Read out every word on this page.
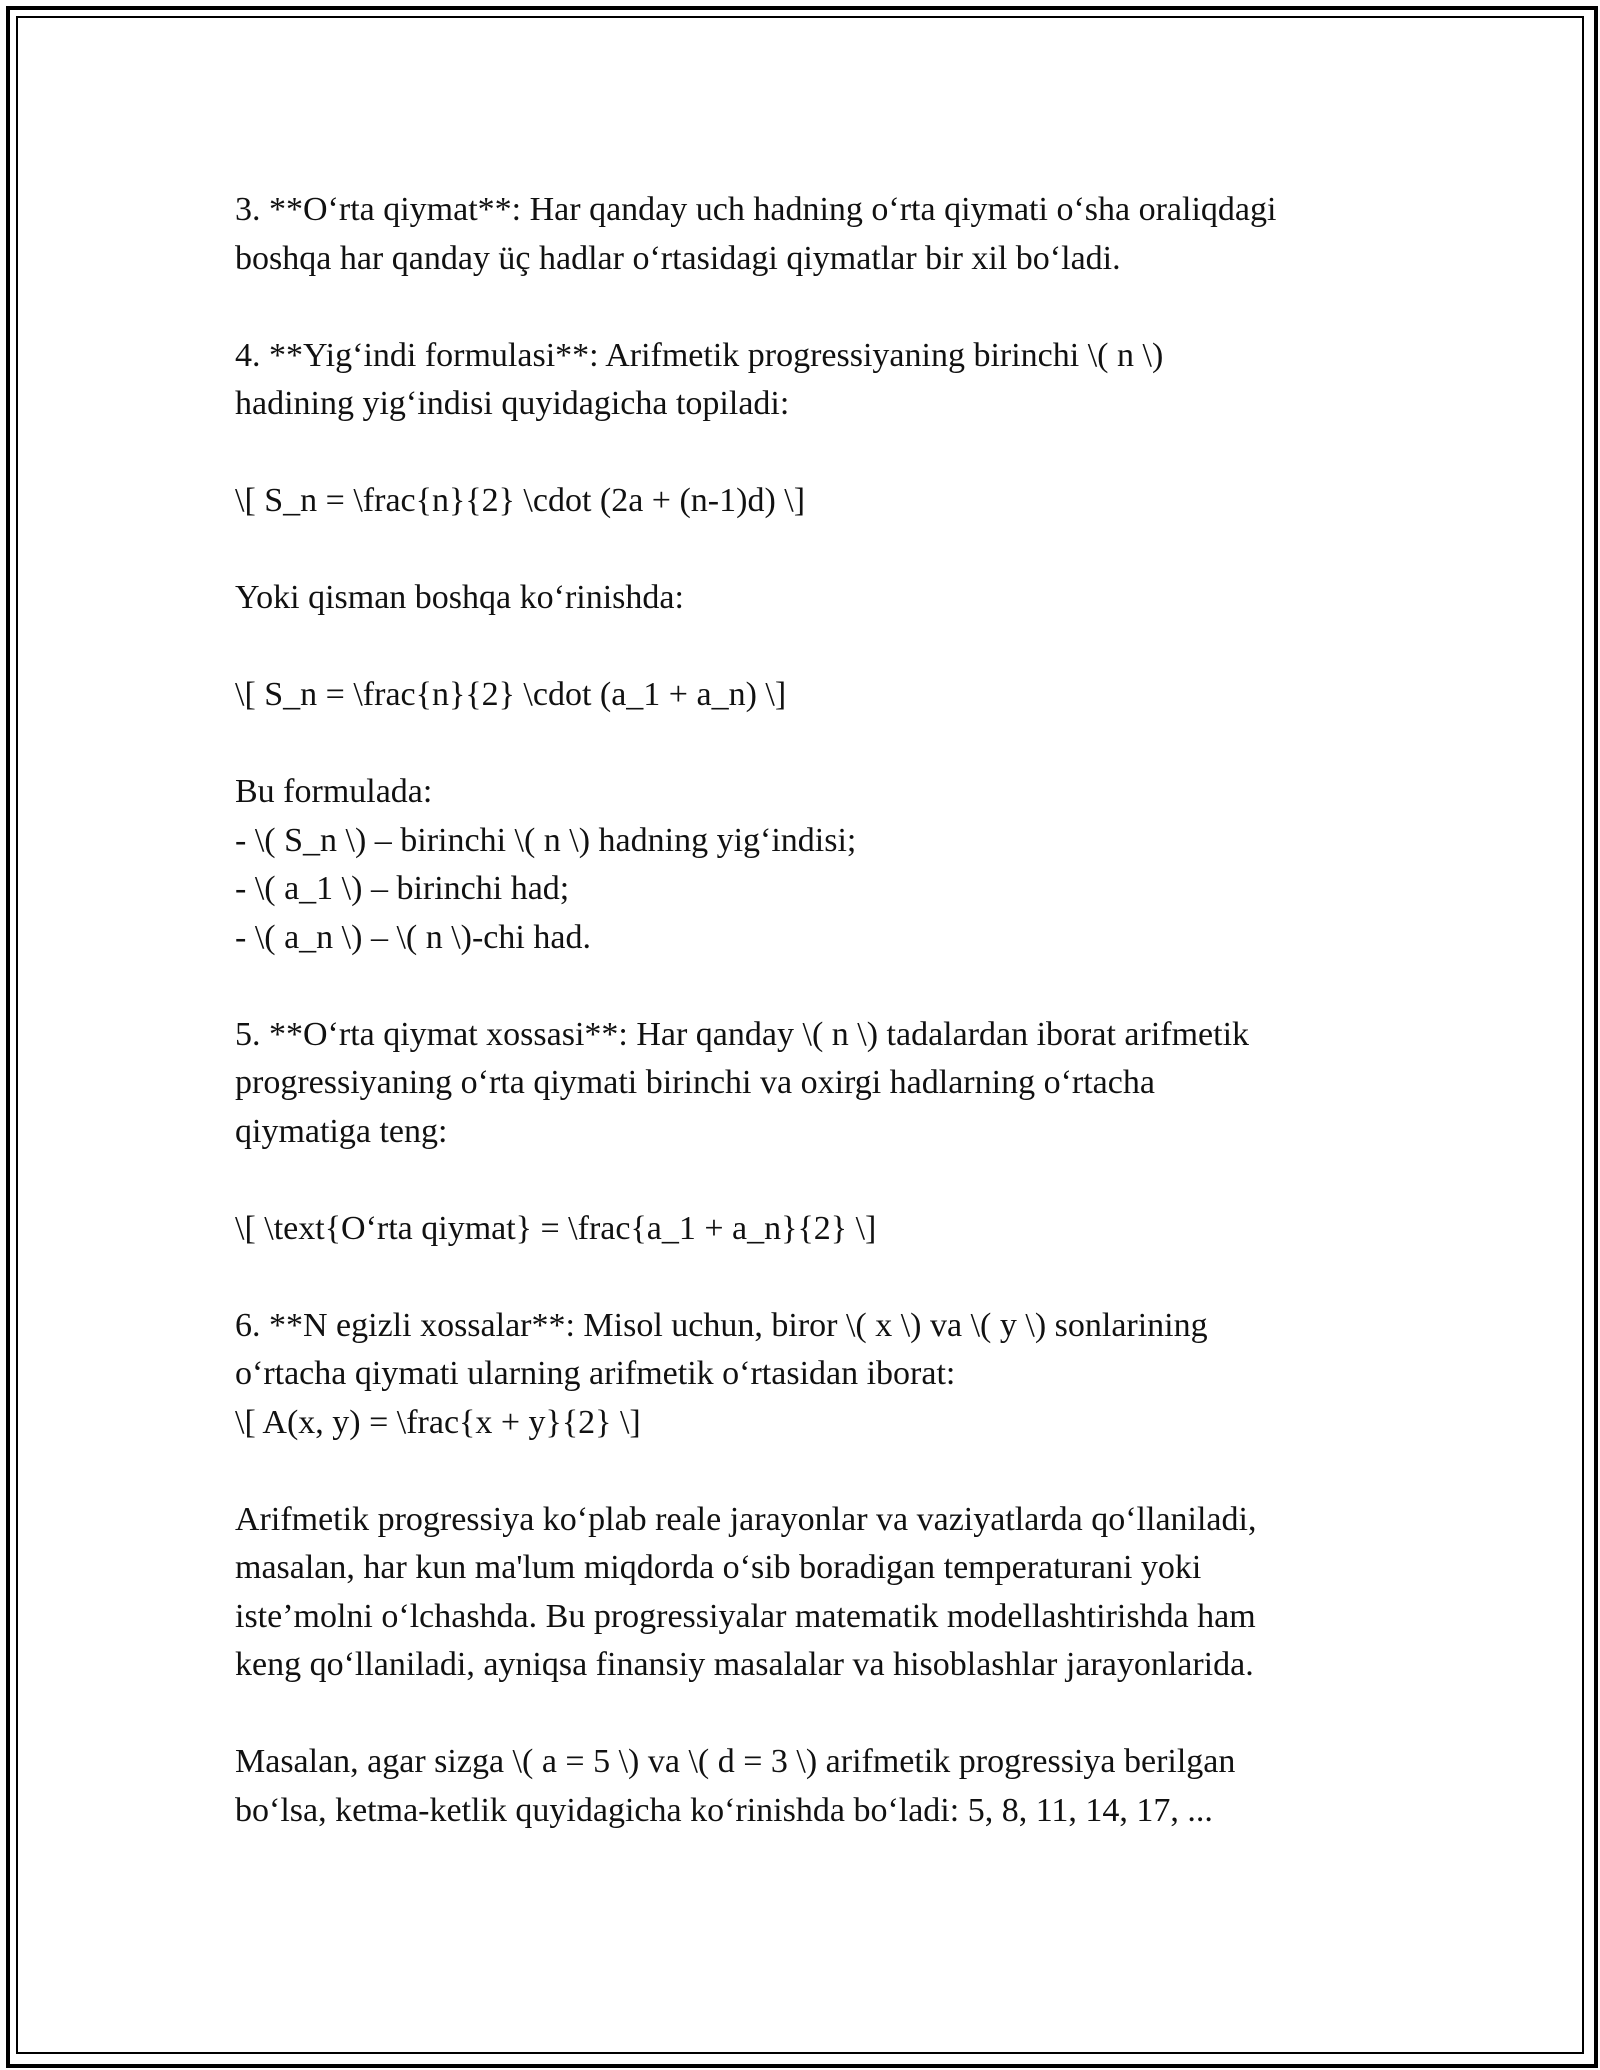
3. **O‘rta qiymat**: Har qanday uch hadning o‘rta qiymati o‘sha oraliqdagi
boshqa har qanday üç hadlar o‘rtasidagi qiymatlar bir xil bo‘ladi.
4. **Yig‘indi formulasi**: Arifmetik progressiyaning birinchi \( n \)
hadining yig‘indisi quyidagicha topiladi:
\[ S_n = \frac{n}{2} \cdot (2a + (n-1)d) \]
Yoki qisman boshqa ko‘rinishda:
\[ S_n = \frac{n}{2} \cdot (a_1 + a_n) \]
Bu formulada:
- \( S_n \) – birinchi \( n \) hadning yig‘indisi;
- \( a_1 \) – birinchi had;
- \( a_n \) – \( n \)-chi had.
5. **O‘rta qiymat xossasi**: Har qanday \( n \) tadalardan iborat arifmetik
progressiyaning o‘rta qiymati birinchi va oxirgi hadlarning o‘rtacha
qiymatiga teng:
\[ \text{O‘rta qiymat} = \frac{a_1 + a_n}{2} \]
6. **N egizli xossalar**: Misol uchun, biror \( x \) va \( y \) sonlarining
o‘rtacha qiymati ularning arifmetik o‘rtasidan iborat:
\[ A(x, y) = \frac{x + y}{2} \]
Arifmetik progressiya ko‘plab reale jarayonlar va vaziyatlarda qo‘llaniladi,
masalan, har kun ma'lum miqdorda o‘sib boradigan temperaturani yoki
iste’molni o‘lchashda. Bu progressiyalar matematik modellashtirishda ham
keng qo‘llaniladi, ayniqsa finansiy masalalar va hisoblashlar jarayonlarida.
Masalan, agar sizga \( a = 5 \) va \( d = 3 \) arifmetik progressiya berilgan
bo‘lsa, ketma-ketlik quyidagicha ko‘rinishda bo‘ladi: 5, 8, 11, 14, 17, ...
